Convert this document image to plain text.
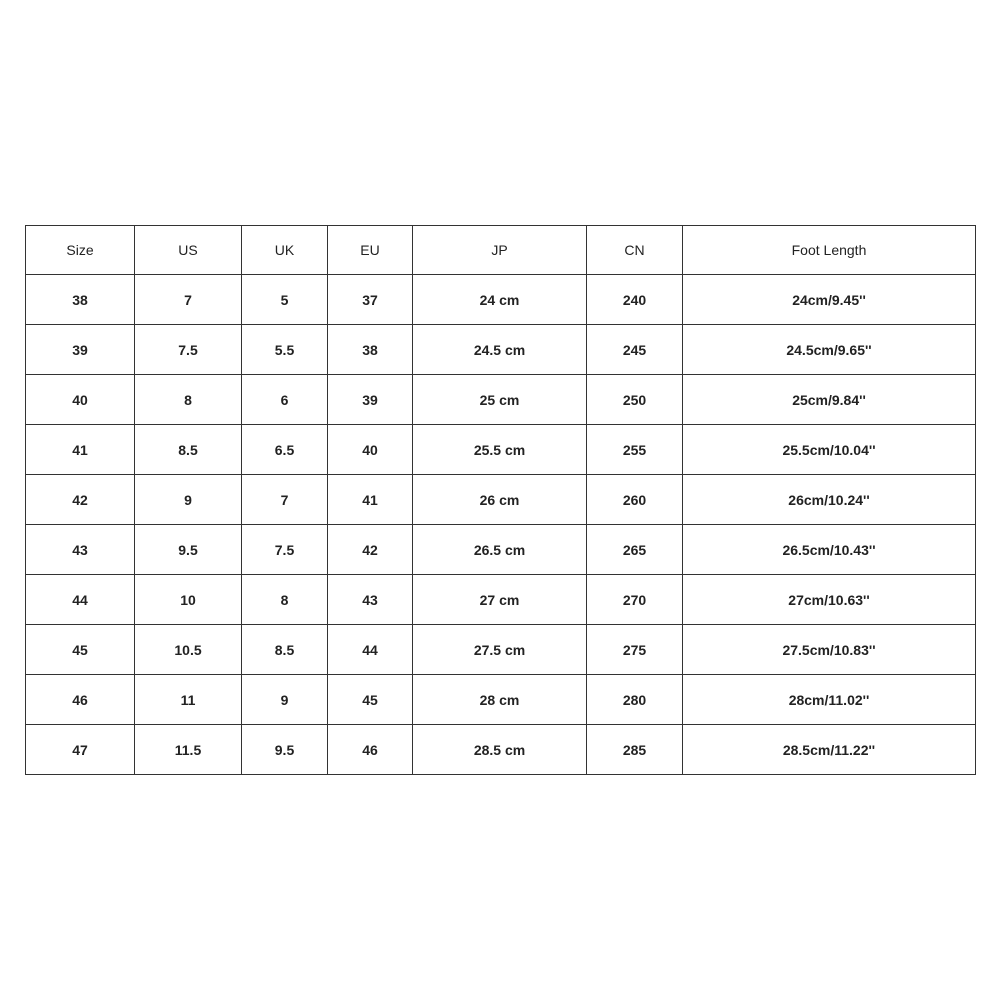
Size	US	UK	EU	JP	CN	Foot Length
38	7	5	37	24 cm	240	24cm/9.45''
39	7.5	5.5	38	24.5 cm	245	24.5cm/9.65''
40	8	6	39	25 cm	250	25cm/9.84''
41	8.5	6.5	40	25.5 cm	255	25.5cm/10.04''
42	9	7	41	26 cm	260	26cm/10.24''
43	9.5	7.5	42	26.5 cm	265	26.5cm/10.43''
44	10	8	43	27 cm	270	27cm/10.63''
45	10.5	8.5	44	27.5 cm	275	27.5cm/10.83''
46	11	9	45	28 cm	280	28cm/11.02''
47	11.5	9.5	46	28.5 cm	285	28.5cm/11.22''
